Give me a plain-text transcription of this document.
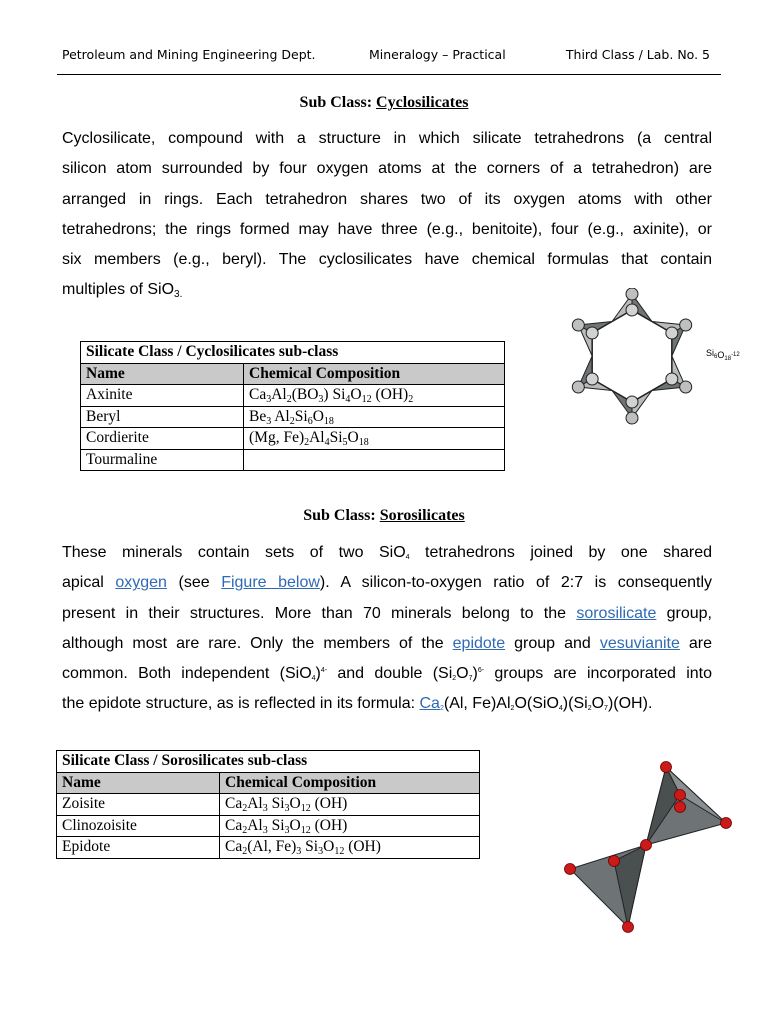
Petroleum and Mining Engineering Dept.	Mineralogy – Practical	Third Class / Lab. No. 5
Sub Class: Cyclosilicates
Cyclosilicate, compound with a structure in which silicate tetrahedrons (a central
silicon atom surrounded by four oxygen atoms at the corners of a tetrahedron) are
arranged in rings. Each tetrahedron shares two of its oxygen atoms with other
tetrahedrons; the rings formed may have three (e.g., benitoite), four (e.g., axinite), or
six members (e.g., beryl). The cyclosilicates have chemical formulas that contain
multiples of SiO$_{3.}$
Silicate Class / Cyclosilicates sub-class	
Name	Chemical Composition
Axinite	$Ca_3Al_2(BO_3)$ $Si_4O_{12}$ $(OH)_2$
Beryl	$Be_3$ $Al_2Si_6O_{18}$
Cordierite	(Mg, $Fe)_2Al_4Si_5O_{18}$
Tourmaline	
$Si_6O_{18}^{-12}$
Sub Class: Sorosilicates
These minerals contain sets of two SiO$_4$ tetrahedrons joined by one shared
apical oxygen (see Figure below). A silicon-to-oxygen ratio of 2:7 is consequently
present in their structures. More than 70 minerals belong to the sorosilicate group,
although most are rare. Only the members of the epidote group and vesuvianite are
common. Both independent $(SiO_4)^{4-}$ and double $(Si_2O_7)^{6-}$ groups are incorporated into
the epidote structure, as is reflected in its formula: $Ca_2(Al$, $Fe)Al_2O(SiO_4)(Si_2O_7)(OH)$.
Silicate Class / Sorosilicates sub-class	
Name	Chemical Composition
Zoisite	$Ca_2Al_3$ $Si_3O_{12}$ (OH)
Clinozoisite	$Ca_2Al_3$ $Si_3O_{12}$ (OH)
Epidote	$Ca_2(Al$, $Fe)_3$ $Si_3O_{12}$ (OH)
